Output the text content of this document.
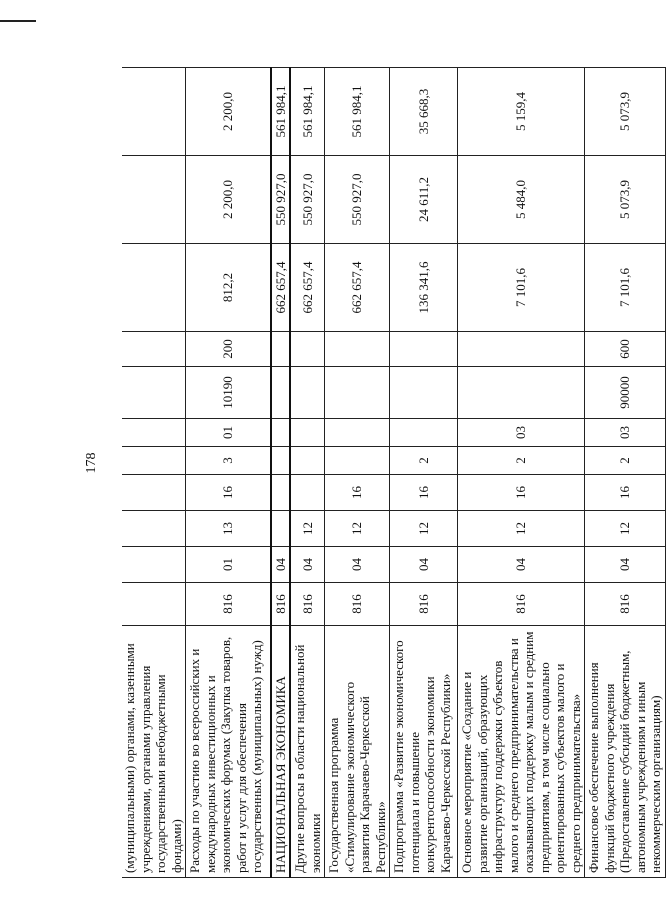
178
(муниципальными) органами, казенными учреждениями, органами управления государственными внебюджетными фондами)											
Расходы по участию во всероссийских и международных инвестиционных и экономических форумах (Закупка товаров, работ и услуг для обеспечения государственных (муниципальных) нужд)	816	01	13	16	3	01	10190	200	812,2	2 200,0	2 200,0
НАЦИОНАЛЬНАЯ ЭКОНОМИКА	816	04							662 657,4	550 927,0	561 984,1
Другие вопросы в области национальной экономики	816	04	12						662 657,4	550 927,0	561 984,1
Государственная программа «Стимулирование экономического развития Карачаево-Черкесской Республики»	816	04	12	16					662 657,4	550 927,0	561 984,1
Подпрограмма «Развитие экономического потенциала и повышение конкурентоспособности экономики Карачаево-Черкесской Республики»	816	04	12	16	2				136 341,6	24 611,2	35 668,3
Основное мероприятие «Создание и развитие организаций, образующих инфраструктуру поддержки субъектов малого и среднего предпринимательства и оказывающих поддержку малым и средним предприятиям, в том числе социально ориентированных субъектов малого и среднего предпринимательства»	816	04	12	16	2	03			7 101,6	5 484,0	5 159,4
Финансовое обеспечение выполнения функций бюджетного учреждения (Предоставление субсидий бюджетным, автономным учреждениям и иным некоммерческим организациям)	816	04	12	16	2	03	90000	600	7 101,6	5 073,9	5 073,9
